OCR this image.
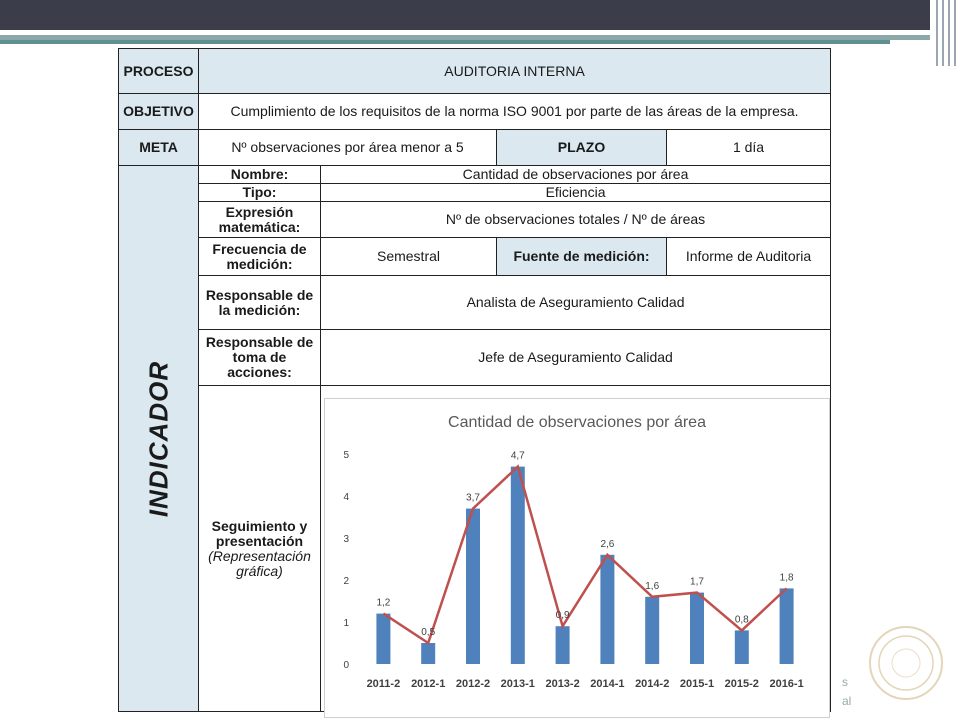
s
al
PROCESO	AUDITORIA INTERNA			
OBJETIVO	Cumplimiento de los requisitos de la norma ISO 9001 por parte de las áreas de la empresa.			
META	Nº observaciones por área menor a 5		PLAZO	1 día

INDICADOR	Nombre:	Cantidad de observaciones por área		
	Tipo:	Eficiencia		
	Expresión matemática:	Nº de observaciones totales / Nº de áreas		
	Frecuencia de medición:	Semestral	Fuente de medición:	Informe de Auditoria
	Responsable de la medición:	Analista de Aseguramiento Calidad		
	Responsable de toma de acciones:	Jefe de Aseguramiento Calidad		
	Seguimiento y presentación
(Representación gráfica)			
Cantidad de observaciones por área
0
1
2
3
4
5
1,2
0,5
3,7
4,7
0,9
2,6
1,6	1,7
0,8
1,8
2011-2 2012-1 2012-2 2013-1 2013-2 2014-1 2014-2 2015-1 2015-2 2016-1
